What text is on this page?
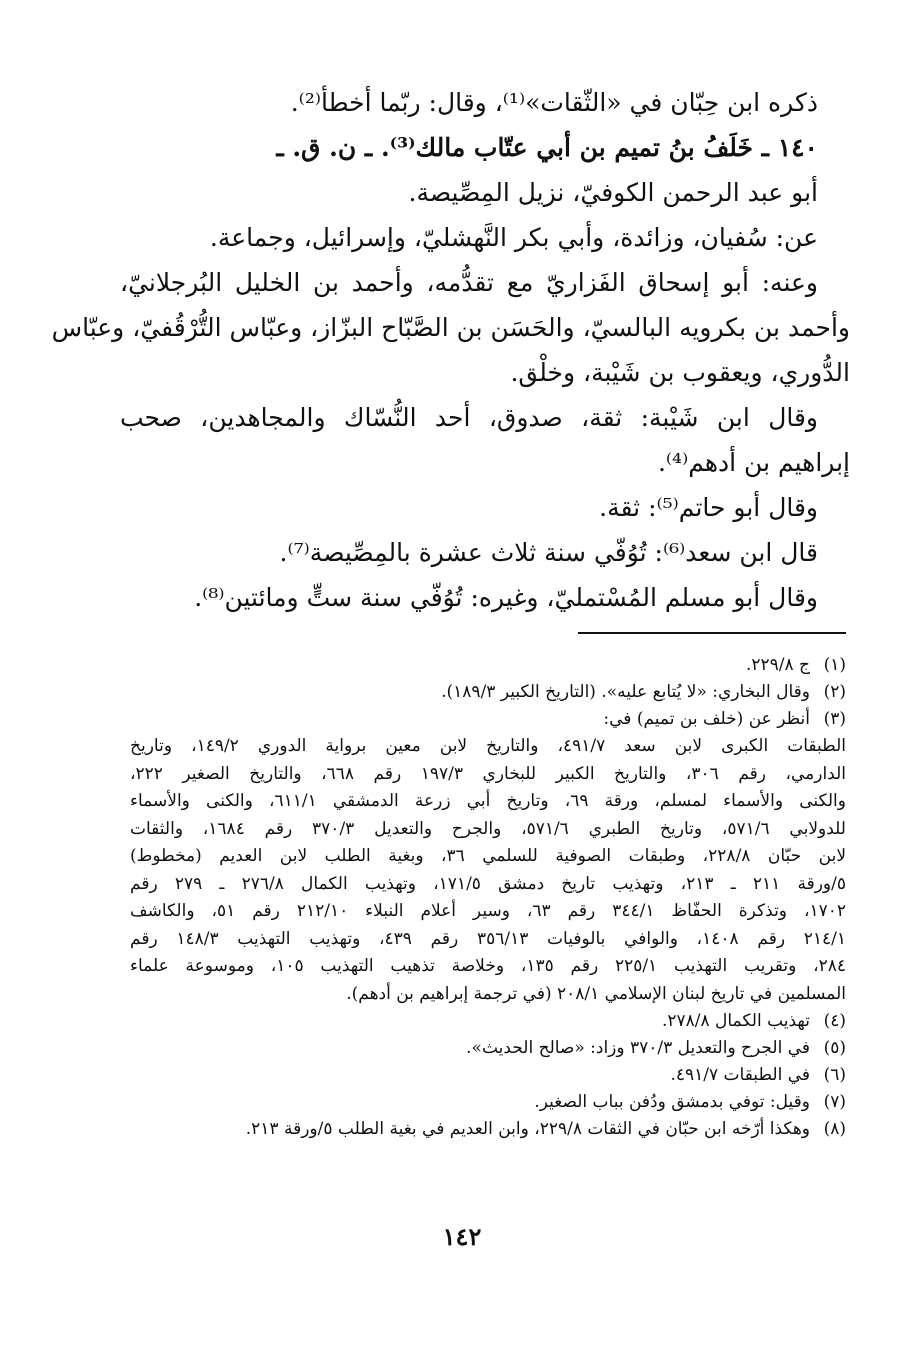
ذكره ابن حِبّان في «الثّقات»⁽¹⁾، وقال: ربّما أخطأ⁽²⁾.
١٤٠ ـ خَلَفُ بنُ تميم بن أبي عتّاب مالك⁽³⁾. ـ ن. ق. ـ
أبو عبد الرحمن الكوفيّ، نزيل المِصِّيصة.
عن: سُفيان، وزائدة، وأبي بكر النَّهشليّ، وإسرائيل، وجماعة.
وعنه: أبو إسحاق الفَزاريّ مع تقدُّمه، وأحمد بن الخليل البُرجلانيّ،
وأحمد بن بكرويه البالسيّ، والحَسَن بن الصَّبّاح البزّاز، وعبّاس التُّرْقُفيّ، وعبّاس
الدُّوري، ويعقوب بن شَيْبة، وخلْق.
وقال ابن شَيْبة: ثقة، صدوق، أحد النُّسّاك والمجاهدين، صحب
إبراهيم بن أدهم⁽⁴⁾.
وقال أبو حاتم⁽⁵⁾: ثقة.
قال ابن سعد⁽⁶⁾: تُوُفّي سنة ثلاث عشرة بالمِصِّيصة⁽⁷⁾.
وقال أبو مسلم المُسْتمليّ، وغيره: تُوُفّي سنة ستٍّ ومائتين⁽⁸⁾.
(١)
ج ٢٢٩/٨.
(٢)
وقال البخاري: «لا يُتابع عليه». (التاريخ الكبير ١٨٩/٣).
(٣)
أنظر عن (خلف بن تميم) في:
الطبقات الكبرى لابن سعد ٤٩١/٧، والتاريخ لابن معين برواية الدوري ١٤٩/٢، وتاريخ
الدارمي، رقم ٣٠٦، والتاريخ الكبير للبخاري ١٩٧/٣ رقم ٦٦٨، والتاريخ الصغير ٢٢٢،
والكنى والأسماء لمسلم، ورقة ٦٩، وتاريخ أبي زرعة الدمشقي ٦١١/١، والكنى والأسماء
للدولابي ٥٧١/٦، وتاريخ الطبري ٥٧١/٦، والجرح والتعديل ٣٧٠/٣ رقم ١٦٨٤، والثقات
لابن حبّان ٢٢٨/٨، وطبقات الصوفية للسلمي ٣٦، وبغية الطلب لابن العديم (مخطوط)
٥/ورقة ٢١١ ـ ٢١٣، وتهذيب تاريخ دمشق ١٧١/٥، وتهذيب الكمال ٢٧٦/٨ ـ ٢٧٩ رقم
١٧٠٢، وتذكرة الحفّاظ ٣٤٤/١ رقم ٦٣، وسير أعلام النبلاء ٢١٢/١٠ رقم ٥١، والكاشف
٢١٤/١ رقم ١٤٠٨، والوافي بالوفيات ٣٥٦/١٣ رقم ٤٣٩، وتهذيب التهذيب ١٤٨/٣ رقم
٢٨٤، وتقريب التهذيب ٢٢٥/١ رقم ١٣٥، وخلاصة تذهيب التهذيب ١٠٥، وموسوعة علماء
المسلمين في تاريخ لبنان الإسلامي ٢٠٨/١ (في ترجمة إبراهيم بن أدهم).
(٤)
تهذيب الكمال ٢٧٨/٨.
(٥)
في الجرح والتعديل ٣٧٠/٣ وزاد: «صالح الحديث».
(٦)
في الطبقات ٤٩١/٧.
(٧)
وقيل: توفي بدمشق ودُفن بباب الصغير.
(٨)
وهكذا أرّخه ابن حبّان في الثقات ٢٢٩/٨، وابن العديم في بغية الطلب ٥/ورقة ٢١٣.
١٤٢
